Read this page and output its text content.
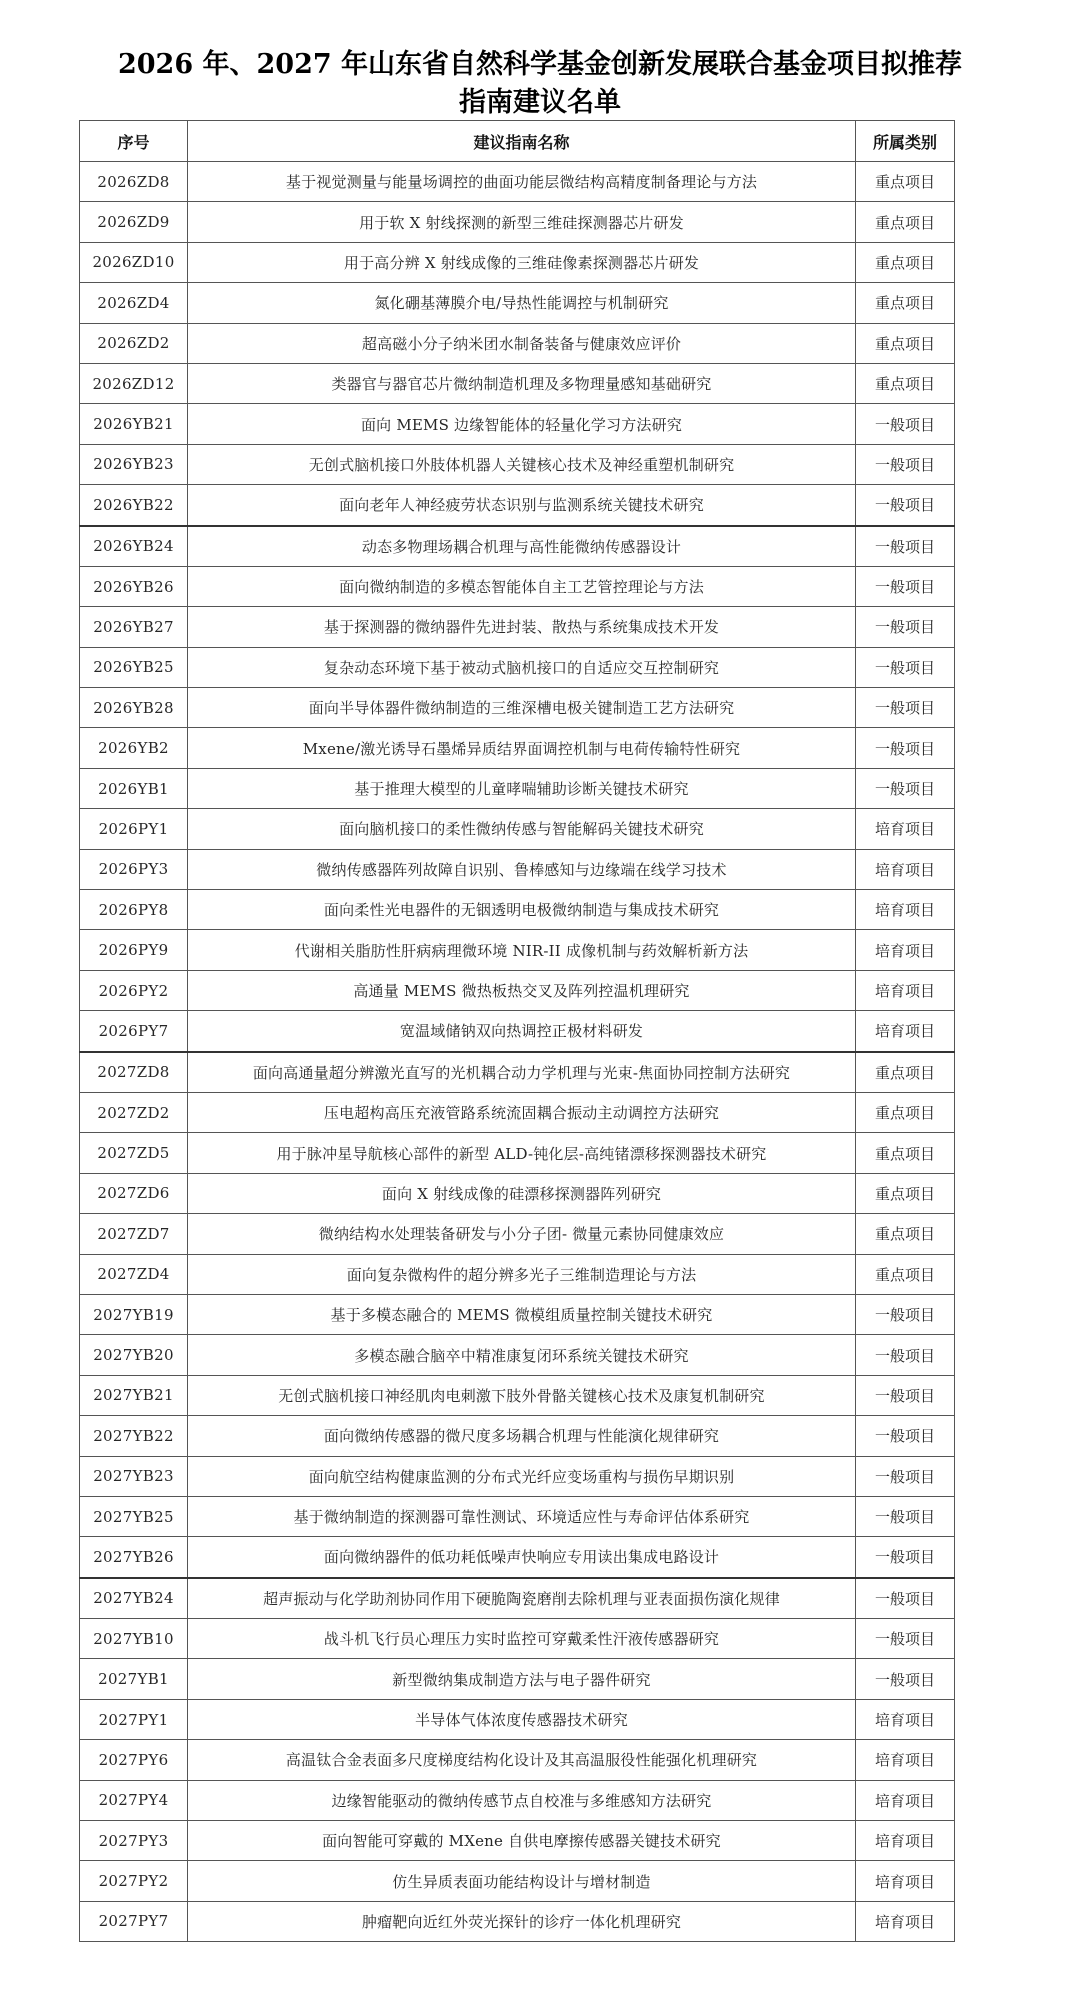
2026 年、2027 年山东省自然科学基金创新发展联合基金项目拟推荐
指南建议名单
序号	建议指南名称	所属类别
2026ZD8	基于视觉测量与能量场调控的曲面功能层微结构高精度制备理论与方法	重点项目
2026ZD9	用于软 X 射线探测的新型三维硅探测器芯片研发	重点项目
2026ZD10	用于高分辨 X 射线成像的三维硅像素探测器芯片研发	重点项目
2026ZD4	氮化硼基薄膜介电/导热性能调控与机制研究	重点项目
2026ZD2	超高磁小分子纳米团水制备装备与健康效应评价	重点项目
2026ZD12	类器官与器官芯片微纳制造机理及多物理量感知基础研究	重点项目
2026YB21	面向 MEMS 边缘智能体的轻量化学习方法研究	一般项目
2026YB23	无创式脑机接口外肢体机器人关键核心技术及神经重塑机制研究	一般项目
2026YB22	面向老年人神经疲劳状态识别与监测系统关键技术研究	一般项目
2026YB24	动态多物理场耦合机理与高性能微纳传感器设计	一般项目
2026YB26	面向微纳制造的多模态智能体自主工艺管控理论与方法	一般项目
2026YB27	基于探测器的微纳器件先进封装、散热与系统集成技术开发	一般项目
2026YB25	复杂动态环境下基于被动式脑机接口的自适应交互控制研究	一般项目
2026YB28	面向半导体器件微纳制造的三维深槽电极关键制造工艺方法研究	一般项目
2026YB2	Mxene/激光诱导石墨烯异质结界面调控机制与电荷传输特性研究	一般项目
2026YB1	基于推理大模型的儿童哮喘辅助诊断关键技术研究	一般项目
2026PY1	面向脑机接口的柔性微纳传感与智能解码关键技术研究	培育项目
2026PY3	微纳传感器阵列故障自识别、鲁棒感知与边缘端在线学习技术	培育项目
2026PY8	面向柔性光电器件的无铟透明电极微纳制造与集成技术研究	培育项目
2026PY9	代谢相关脂肪性肝病病理微环境 NIR-II 成像机制与药效解析新方法	培育项目
2026PY2	高通量 MEMS 微热板热交叉及阵列控温机理研究	培育项目
2026PY7	宽温域储钠双向热调控正极材料研发	培育项目
2027ZD8	面向高通量超分辨激光直写的光机耦合动力学机理与光束-焦面协同控制方法研究	重点项目
2027ZD2	压电超构高压充液管路系统流固耦合振动主动调控方法研究	重点项目
2027ZD5	用于脉冲星导航核心部件的新型 ALD-钝化层-高纯锗漂移探测器技术研究	重点项目
2027ZD6	面向 X 射线成像的硅漂移探测器阵列研究	重点项目
2027ZD7	微纳结构水处理装备研发与小分子团- 微量元素协同健康效应	重点项目
2027ZD4	面向复杂微构件的超分辨多光子三维制造理论与方法	重点项目
2027YB19	基于多模态融合的 MEMS 微模组质量控制关键技术研究	一般项目
2027YB20	多模态融合脑卒中精准康复闭环系统关键技术研究	一般项目
2027YB21	无创式脑机接口神经肌肉电刺激下肢外骨骼关键核心技术及康复机制研究	一般项目
2027YB22	面向微纳传感器的微尺度多场耦合机理与性能演化规律研究	一般项目
2027YB23	面向航空结构健康监测的分布式光纤应变场重构与损伤早期识别	一般项目
2027YB25	基于微纳制造的探测器可靠性测试、环境适应性与寿命评估体系研究	一般项目
2027YB26	面向微纳器件的低功耗低噪声快响应专用读出集成电路设计	一般项目
2027YB24	超声振动与化学助剂协同作用下硬脆陶瓷磨削去除机理与亚表面损伤演化规律	一般项目
2027YB10	战斗机飞行员心理压力实时监控可穿戴柔性汗液传感器研究	一般项目
2027YB1	新型微纳集成制造方法与电子器件研究	一般项目
2027PY1	半导体气体浓度传感器技术研究	培育项目
2027PY6	高温钛合金表面多尺度梯度结构化设计及其高温服役性能强化机理研究	培育项目
2027PY4	边缘智能驱动的微纳传感节点自校准与多维感知方法研究	培育项目
2027PY3	面向智能可穿戴的 MXene 自供电摩擦传感器关键技术研究	培育项目
2027PY2	仿生异质表面功能结构设计与增材制造	培育项目
2027PY7	肿瘤靶向近红外荧光探针的诊疗一体化机理研究	培育项目
